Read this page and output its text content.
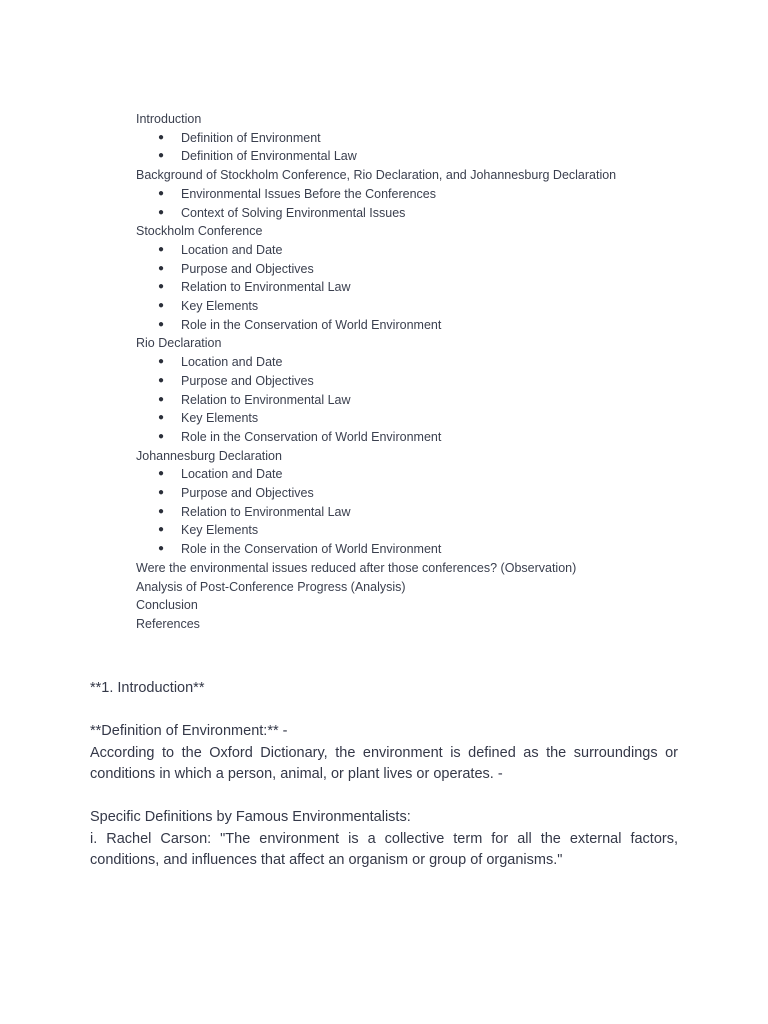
Introduction
● Definition of Environment
● Definition of Environmental Law
Background of Stockholm Conference, Rio Declaration, and Johannesburg Declaration
● Environmental Issues Before the Conferences
● Context of Solving Environmental Issues
Stockholm Conference
● Location and Date
● Purpose and Objectives
● Relation to Environmental Law
● Key Elements
● Role in the Conservation of World Environment
Rio Declaration
● Location and Date
● Purpose and Objectives
● Relation to Environmental Law
● Key Elements
● Role in the Conservation of World Environment
Johannesburg Declaration
● Location and Date
● Purpose and Objectives
● Relation to Environmental Law
● Key Elements
● Role in the Conservation of World Environment
Were the environmental issues reduced after those conferences? (Observation)
Analysis of Post-Conference Progress (Analysis)
Conclusion
References

**1. Introduction**

**Definition of Environment:** -

According to the Oxford Dictionary, the environment is defined as the surroundings or conditions in which a person, animal, or plant lives or operates. -

Specific Definitions by Famous Environmentalists:

i. Rachel Carson: "The environment is a collective term for all the external factors, conditions, and influences that affect an organism or group of organisms."
